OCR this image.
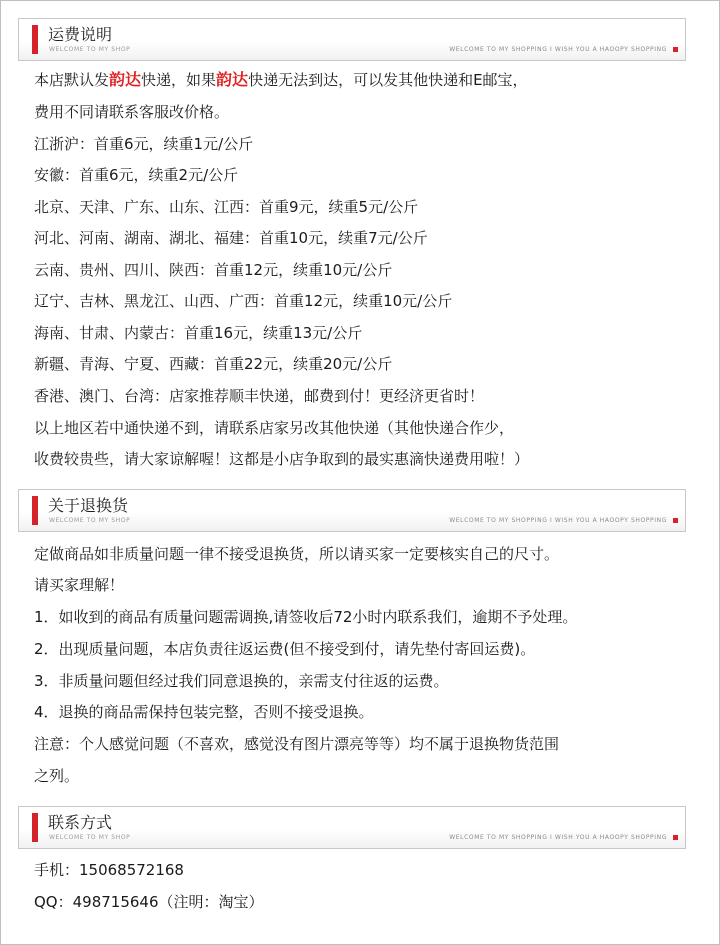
运费说明
WELCOME TO MY SHOP	WELCOME TO MY SHOPPING I WISH YOU A HAOOPY SHOPPING
本店默认发韵达快递，如果韵达快递无法到达，可以发其他快递和E邮宝，
费用不同请联系客服改价格。
江浙沪：首重6元，续重1元/公斤
安徽：首重6元，续重2元/公斤
北京、天津、广东、山东、江西：首重9元，续重5元/公斤
河北、河南、湖南、湖北、福建：首重10元，续重7元/公斤
云南、贵州、四川、陕西：首重12元，续重10元/公斤
辽宁、吉林、黑龙江、山西、广西：首重12元，续重10元/公斤
海南、甘肃、内蒙古：首重16元，续重13元/公斤
新疆、青海、宁夏、西藏：首重22元，续重20元/公斤
香港、澳门、台湾：店家推荐顺丰快递，邮费到付！更经济更省时！
以上地区若中通快递不到，请联系店家另改其他快递（其他快递合作少，
收费较贵些，请大家谅解喔！这都是小店争取到的最实惠滴快递费用啦！）
关于退换货
WELCOME TO MY SHOP	WELCOME TO MY SHOPPING I WISH YOU A HAOOPY SHOPPING
定做商品如非质量问题一律不接受退换货，所以请买家一定要核实自己的尺寸。
请买家理解！
1．如收到的商品有质量问题需调换,请签收后72小时内联系我们，逾期不予处理。
2．出现质量问题，本店负责往返运费(但不接受到付，请先垫付寄回运费)。
3．非质量问题但经过我们同意退换的，亲需支付往返的运费。
4．退换的商品需保持包装完整，否则不接受退换。
注意：个人感觉问题（不喜欢，感觉没有图片漂亮等等）均不属于退换物货范围
之列。
联系方式
WELCOME TO MY SHOP	WELCOME TO MY SHOPPING I WISH YOU A HAOOPY SHOPPING
手机：15068572168
QQ：498715646（注明：淘宝）
